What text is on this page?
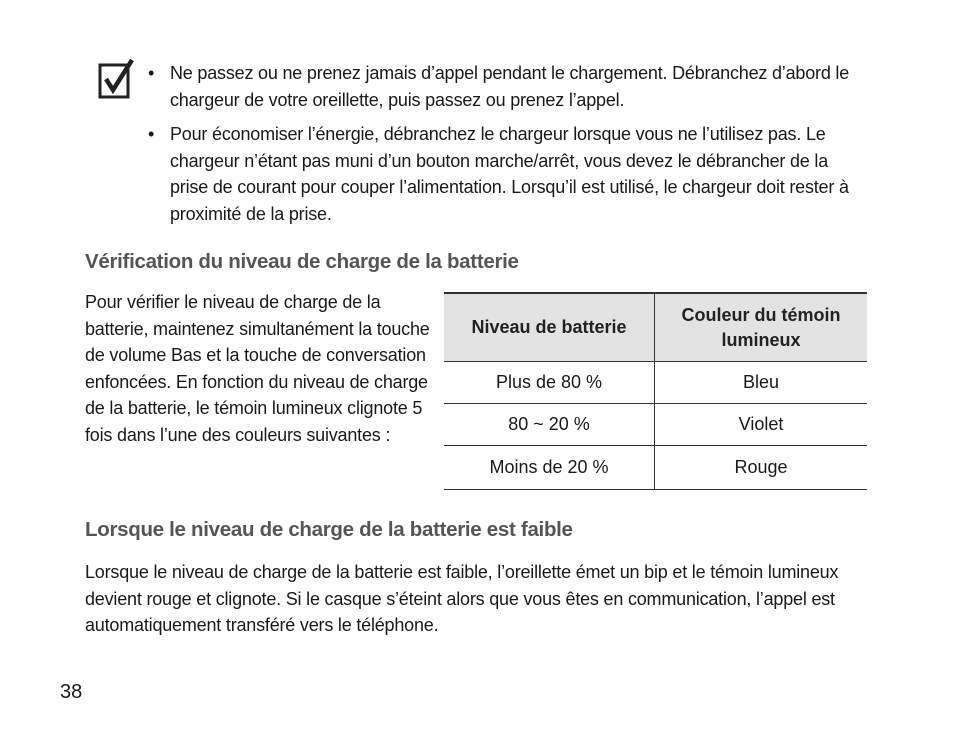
• Ne passez ou ne prenez jamais d’appel pendant le chargement. Débranchez d’abord le chargeur de votre oreillette, puis passez ou prenez l’appel.
• Pour économiser l’énergie, débranchez le chargeur lorsque vous ne l’utilisez pas. Le chargeur n’étant pas muni d’un bouton marche/arrêt, vous devez le débrancher de la prise de courant pour couper l’alimentation. Lorsqu’il est utilisé, le chargeur doit rester à proximité de la prise.
Vérification du niveau de charge de la batterie

Pour vérifier le niveau de charge de la batterie, maintenez simultanément la touche de volume Bas et la touche de conversation enfoncées. En fonction du niveau de charge de la batterie, le témoin lumineux clignote 5 fois dans l’une des couleurs suivantes :

Niveau de batterie	Couleur du témoin lumineux
Plus de 80 %	Bleu
80 ~ 20 %	Violet
Moins de 20 %	Rouge
Lorsque le niveau de charge de la batterie est faible

Lorsque le niveau de charge de la batterie est faible, l’oreillette émet un bip et le témoin lumineux devient rouge et clignote. Si le casque s’éteint alors que vous êtes en communication, l’appel est automatiquement transféré vers le téléphone.

38
